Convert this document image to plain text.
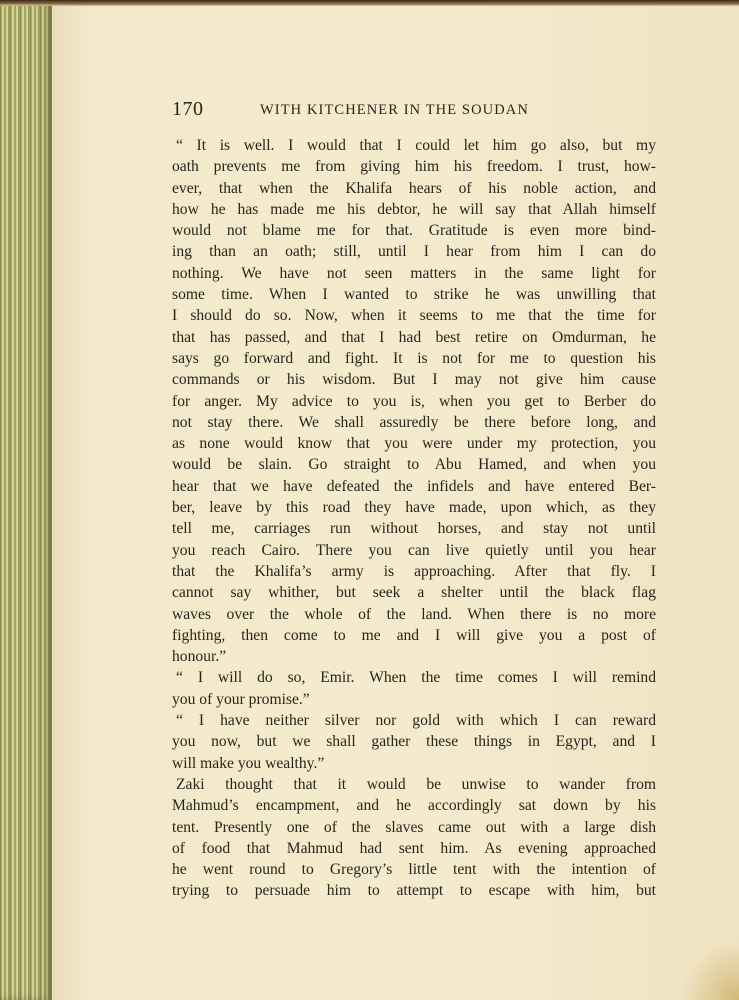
170	WITH KITCHENER IN THE SOUDAN
“ It is well. I would that I could let him go also, but my
oath prevents me from giving him his freedom. I trust, how-
ever, that when the Khalifa hears of his noble action, and
how he has made me his debtor, he will say that Allah himself
would not blame me for that. Gratitude is even more bind-
ing than an oath; still, until I hear from him I can do
nothing. We have not seen matters in the same light for
some time. When I wanted to strike he was unwilling that
I should do so. Now, when it seems to me that the time for
that has passed, and that I had best retire on Omdurman, he
says go forward and fight. It is not for me to question his
commands or his wisdom. But I may not give him cause
for anger. My advice to you is, when you get to Berber do
not stay there. We shall assuredly be there before long, and
as none would know that you were under my protection, you
would be slain. Go straight to Abu Hamed, and when you
hear that we have defeated the infidels and have entered Ber-
ber, leave by this road they have made, upon which, as they
tell me, carriages run without horses, and stay not until
you reach Cairo. There you can live quietly until you hear
that the Khalifa’s army is approaching. After that fly. I
cannot say whither, but seek a shelter until the black flag
waves over the whole of the land. When there is no more
fighting, then come to me and I will give you a post of
honour.”
“ I will do so, Emir. When the time comes I will remind
you of your promise.”
“ I have neither silver nor gold with which I can reward
you now, but we shall gather these things in Egypt, and I
will make you wealthy.”
Zaki thought that it would be unwise to wander from
Mahmud’s encampment, and he accordingly sat down by his
tent. Presently one of the slaves came out with a large dish
of food that Mahmud had sent him. As evening approached
he went round to Gregory’s little tent with the intention of
trying to persuade him to attempt to escape with him, but
